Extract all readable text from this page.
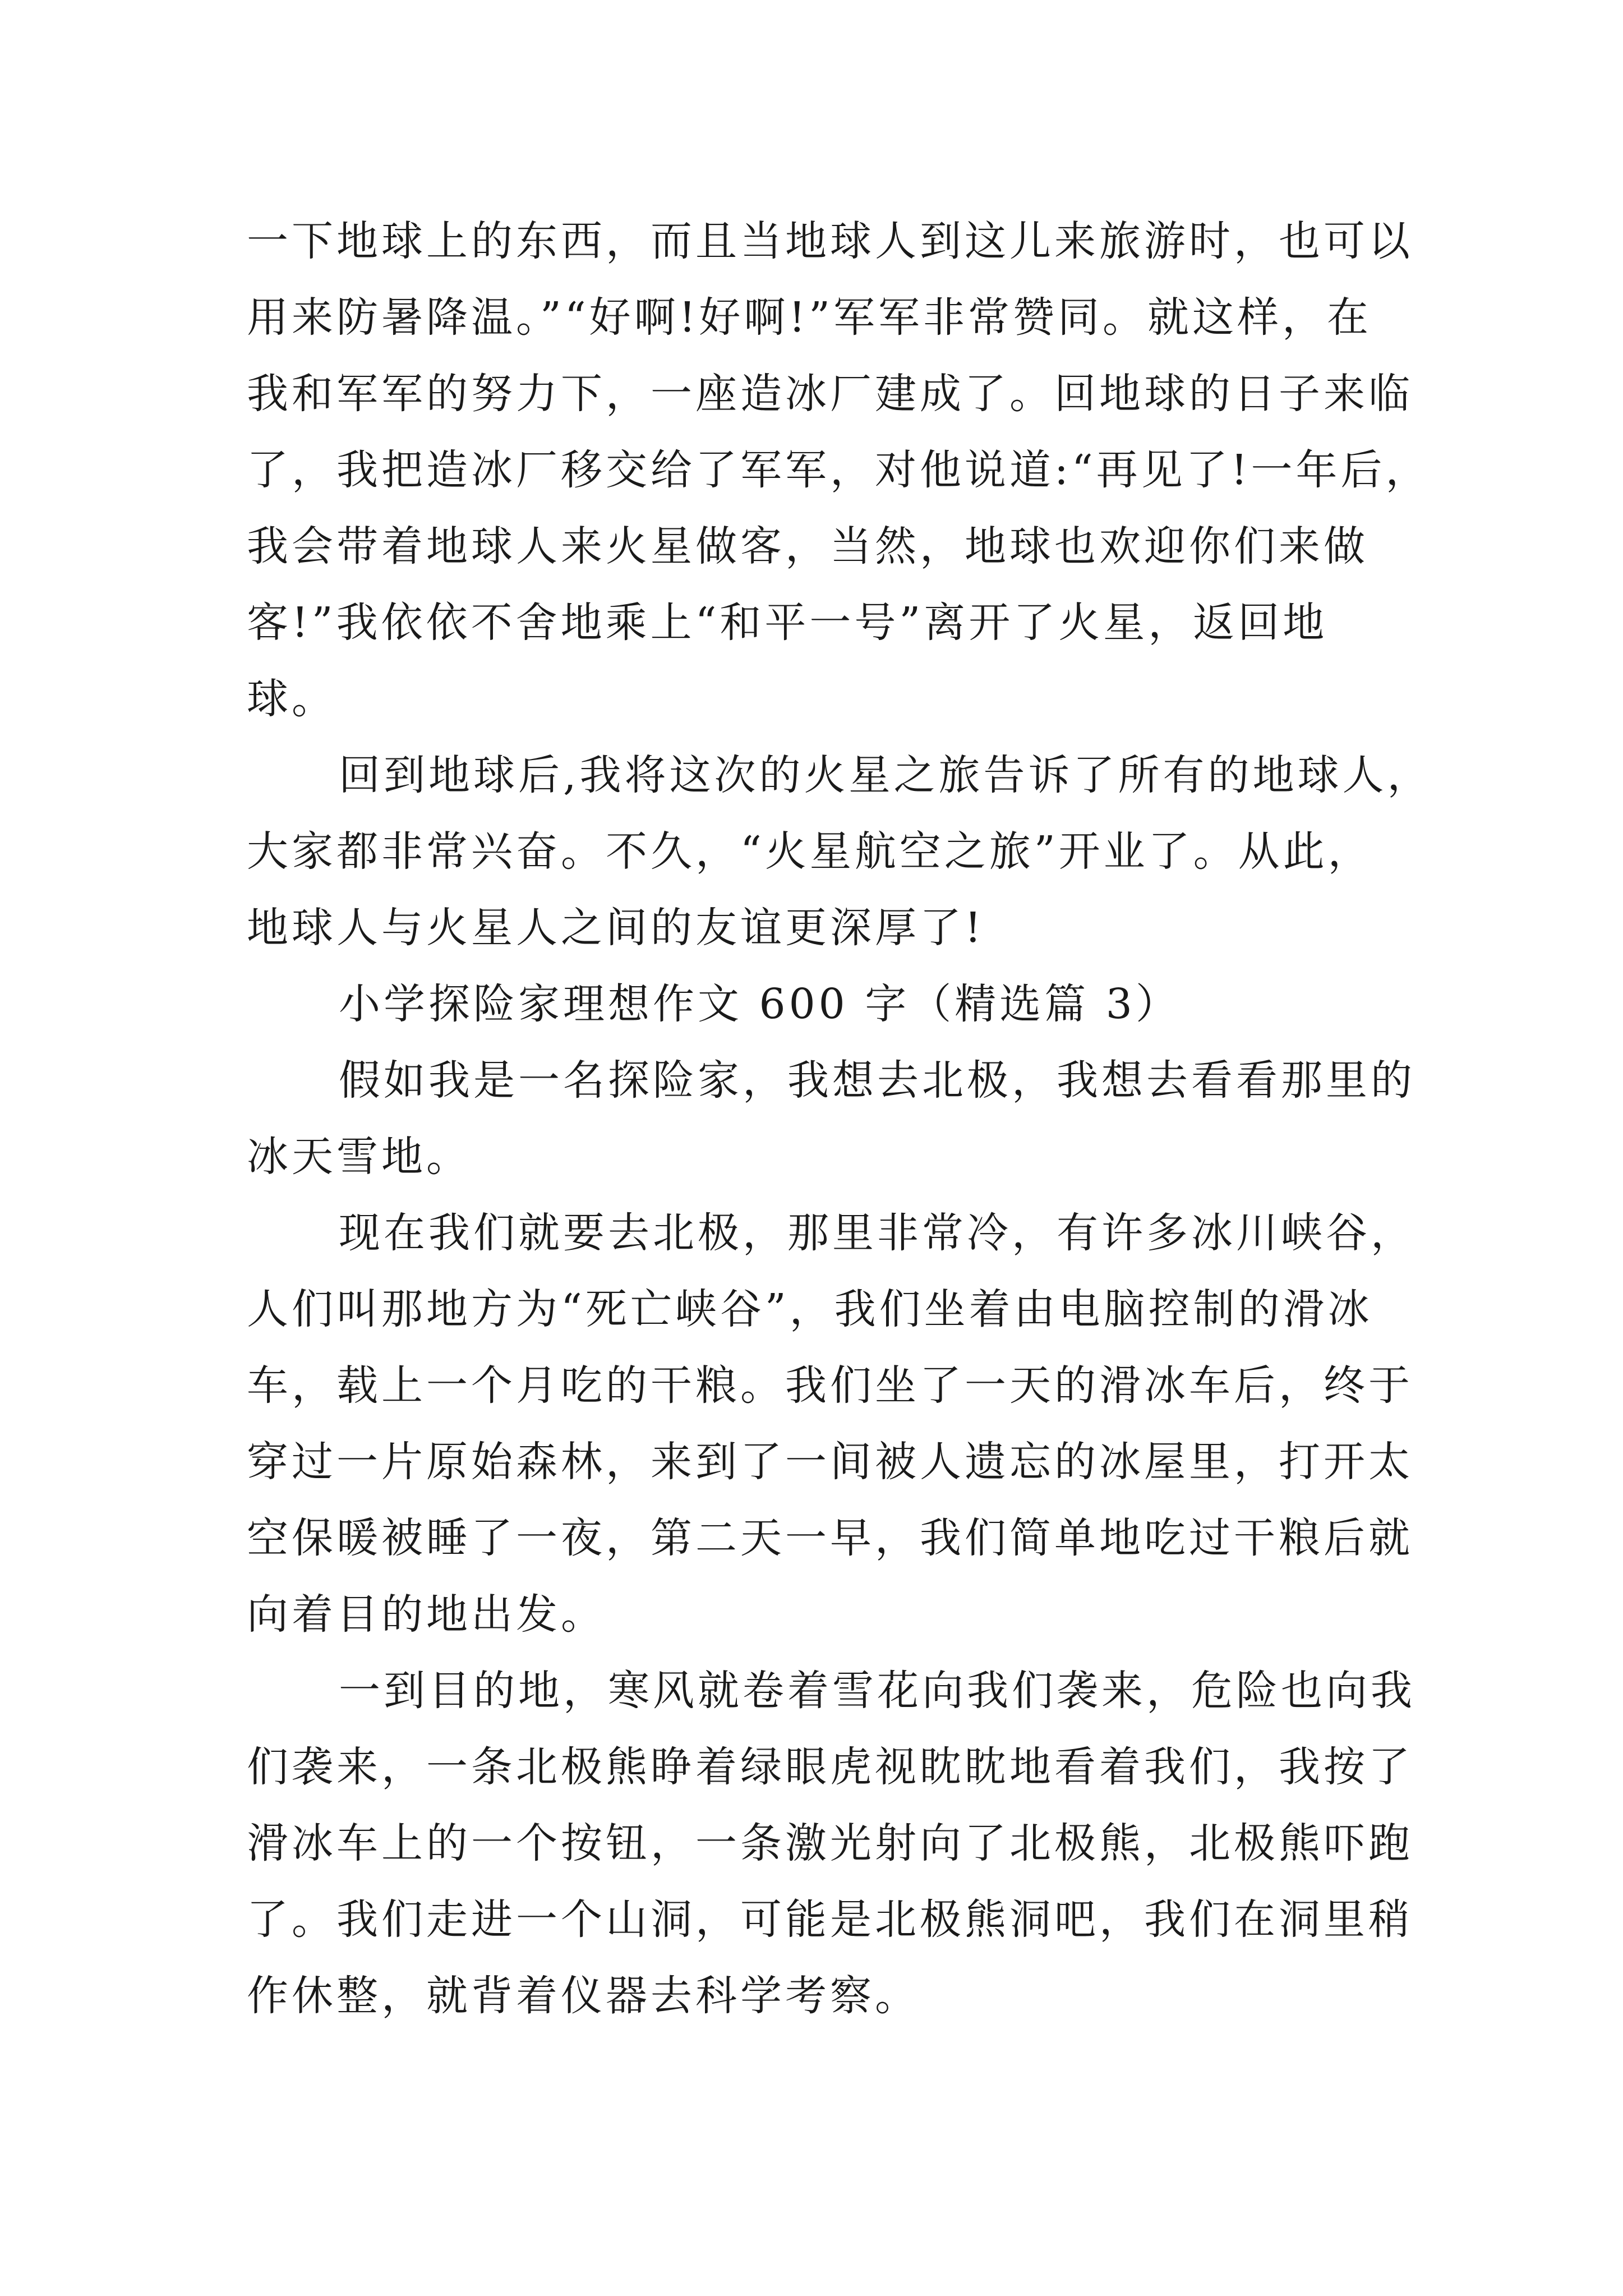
一下地球上的东西，而且当地球人到这儿来旅游时，也可以
用来防暑降温。”“好啊!好啊!”军军非常赞同。就这样，在
我和军军的努力下，一座造冰厂建成了。回地球的日子来临
了，我把造冰厂移交给了军军，对他说道:“再见了!一年后，
我会带着地球人来火星做客，当然，地球也欢迎你们来做
客!”我依依不舍地乘上“和平一号”离开了火星，返回地
球。
回到地球后,我将这次的火星之旅告诉了所有的地球人，
大家都非常兴奋。不久，“火星航空之旅”开业了。从此，
地球人与火星人之间的友谊更深厚了!
小学探险家理想作文 600 字（精选篇 3）
假如我是一名探险家，我想去北极，我想去看看那里的
冰天雪地。
现在我们就要去北极，那里非常冷，有许多冰川峡谷，
人们叫那地方为“死亡峡谷”，我们坐着由电脑控制的滑冰
车，载上一个月吃的干粮。我们坐了一天的滑冰车后，终于
穿过一片原始森林，来到了一间被人遗忘的冰屋里，打开太
空保暖被睡了一夜，第二天一早，我们简单地吃过干粮后就
向着目的地出发。
一到目的地，寒风就卷着雪花向我们袭来，危险也向我
们袭来，一条北极熊睁着绿眼虎视眈眈地看着我们，我按了
滑冰车上的一个按钮，一条激光射向了北极熊，北极熊吓跑
了。我们走进一个山洞，可能是北极熊洞吧，我们在洞里稍
作休整，就背着仪器去科学考察。
